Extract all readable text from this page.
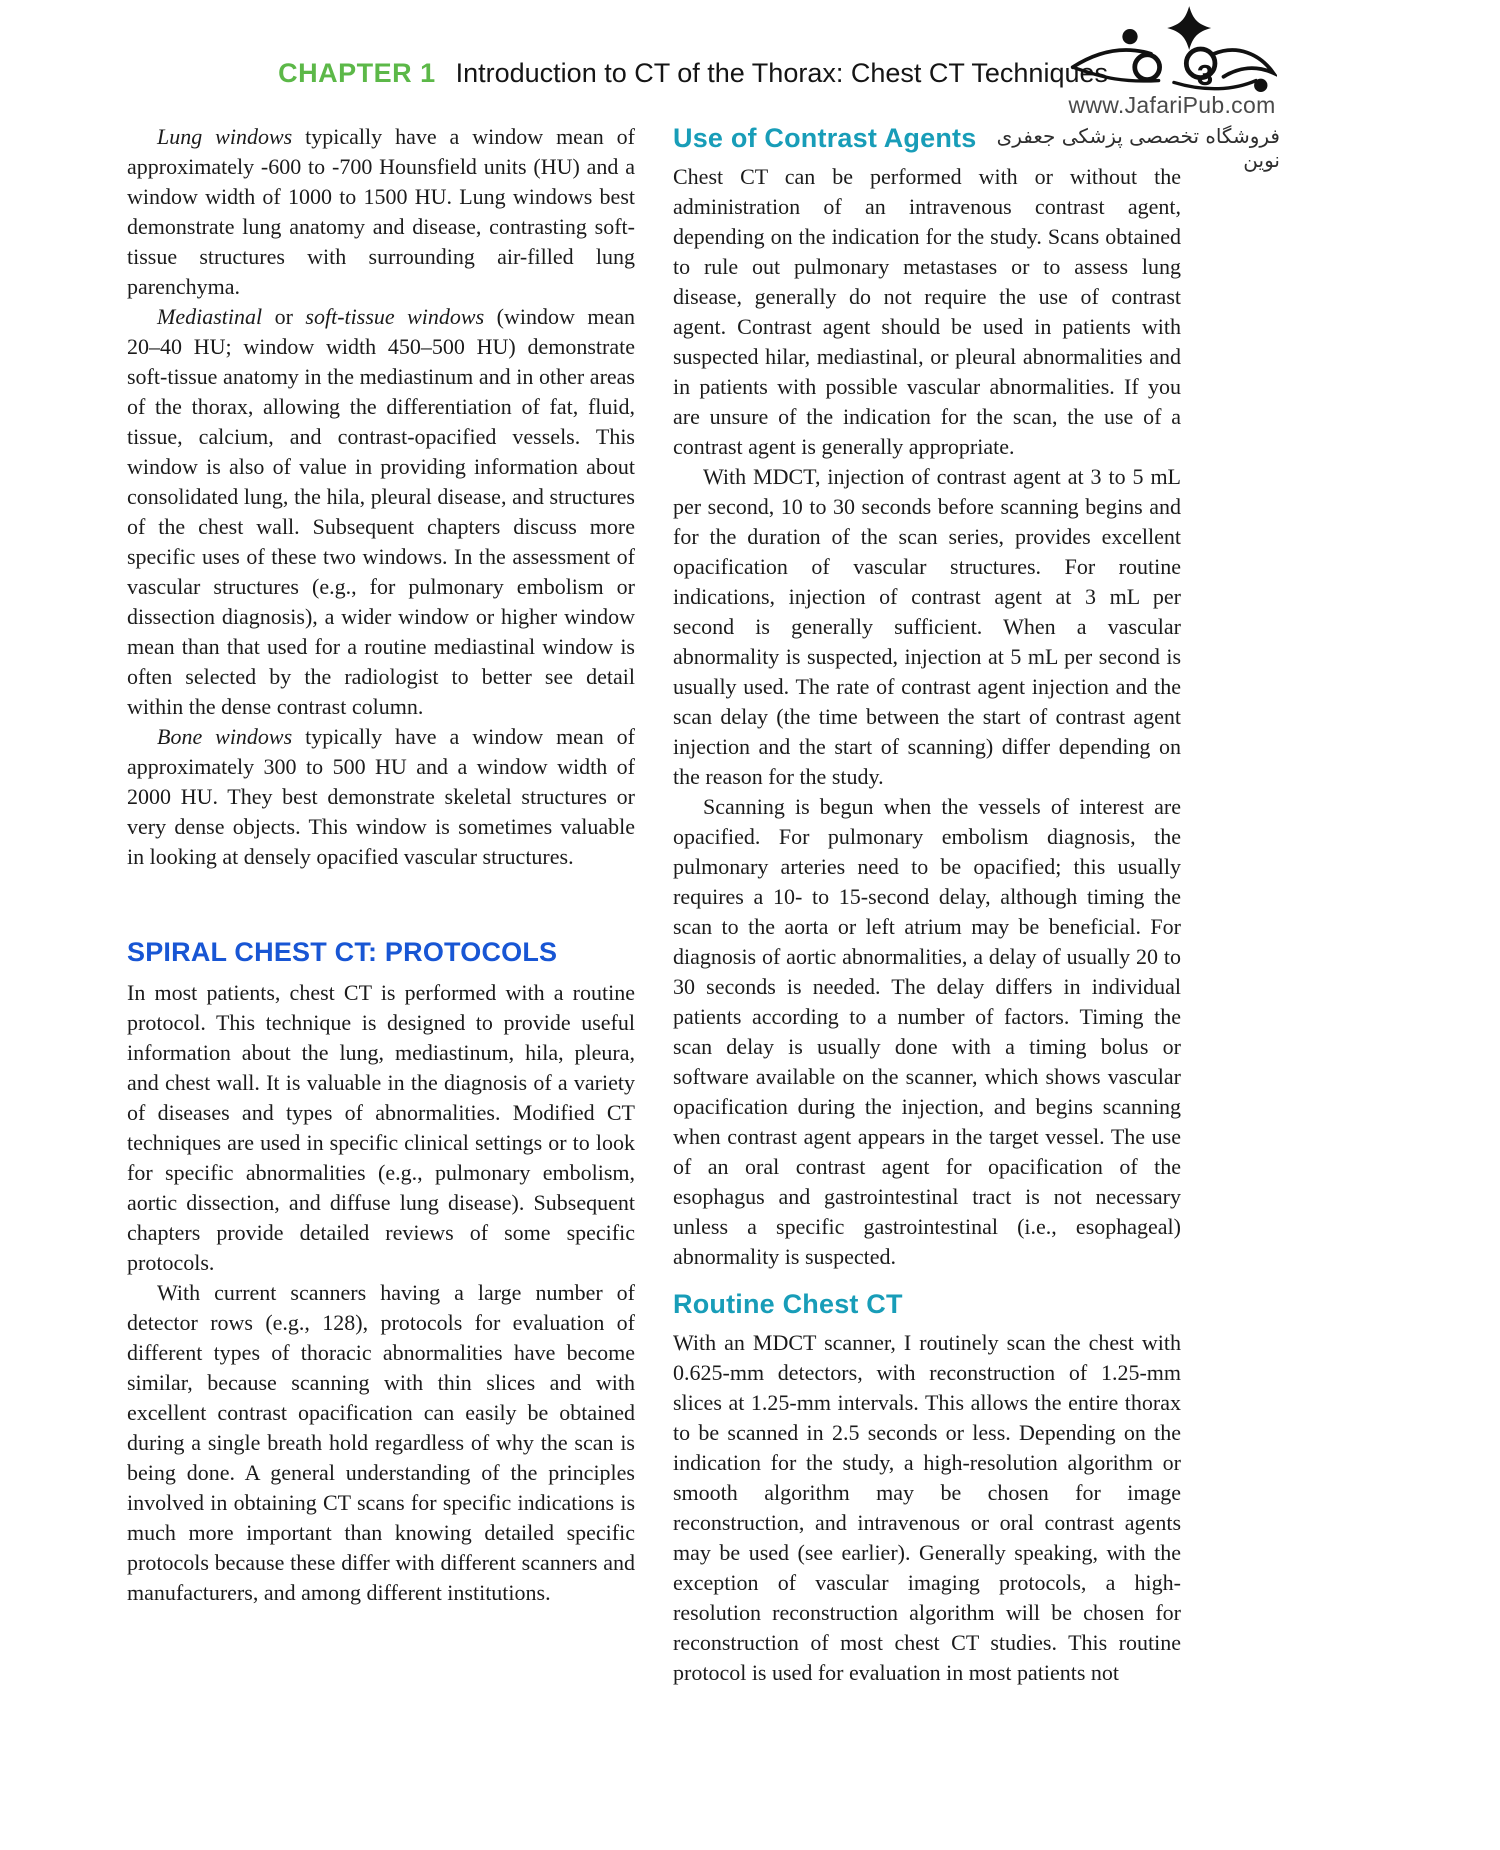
CHAPTER 1 Introduction to CT of the Thorax: Chest CT Techniques	3
www.JafariPub.com
فروشگاه تخصصی پزشکی جعفری نوین

Lung windows typically have a window mean of approximately -600 to -700 Hounsfield units (HU) and a window width of 1000 to 1500 HU. Lung windows best demonstrate lung anatomy and disease, contrasting soft-tissue structures with surrounding air-filled lung parenchyma.

Mediastinal or soft-tissue windows (window mean 20–40 HU; window width 450–500 HU) demonstrate soft-tissue anatomy in the mediastinum and in other areas of the thorax, allowing the differentiation of fat, fluid, tissue, calcium, and contrast-opacified vessels. This window is also of value in providing information about consolidated lung, the hila, pleural disease, and structures of the chest wall. Subsequent chapters discuss more specific uses of these two windows. In the assessment of vascular structures (e.g., for pulmonary embolism or dissection diagnosis), a wider window or higher window mean than that used for a routine mediastinal window is often selected by the radiologist to better see detail within the dense contrast column.

Bone windows typically have a window mean of approximately 300 to 500 HU and a window width of 2000 HU. They best demonstrate skeletal structures or very dense objects. This window is sometimes valuable in looking at densely opacified vascular structures.

SPIRAL CHEST CT: PROTOCOLS

In most patients, chest CT is performed with a routine protocol. This technique is designed to provide useful information about the lung, mediastinum, hila, pleura, and chest wall. It is valuable in the diagnosis of a variety of diseases and types of abnormalities. Modified CT techniques are used in specific clinical settings or to look for specific abnormalities (e.g., pulmonary embolism, aortic dissection, and diffuse lung disease). Subsequent chapters provide detailed reviews of some specific protocols.

With current scanners having a large number of detector rows (e.g., 128), protocols for evaluation of different types of thoracic abnormalities have become similar, because scanning with thin slices and with excellent contrast opacification can easily be obtained during a single breath hold regardless of why the scan is being done. A general understanding of the principles involved in obtaining CT scans for specific indications is much more important than knowing detailed specific protocols because these differ with different scanners and manufacturers, and among different institutions.

Use of Contrast Agents

Chest CT can be performed with or without the administration of an intravenous contrast agent, depending on the indication for the study. Scans obtained to rule out pulmonary metastases or to assess lung disease, generally do not require the use of contrast agent. Contrast agent should be used in patients with suspected hilar, mediastinal, or pleural abnormalities and in patients with possible vascular abnormalities. If you are unsure of the indication for the scan, the use of a contrast agent is generally appropriate.

With MDCT, injection of contrast agent at 3 to 5 mL per second, 10 to 30 seconds before scanning begins and for the duration of the scan series, provides excellent opacification of vascular structures. For routine indications, injection of contrast agent at 3 mL per second is generally sufficient. When a vascular abnormality is suspected, injection at 5 mL per second is usually used. The rate of contrast agent injection and the scan delay (the time between the start of contrast agent injection and the start of scanning) differ depending on the reason for the study.

Scanning is begun when the vessels of interest are opacified. For pulmonary embolism diagnosis, the pulmonary arteries need to be opacified; this usually requires a 10- to 15-second delay, although timing the scan to the aorta or left atrium may be beneficial. For diagnosis of aortic abnormalities, a delay of usually 20 to 30 seconds is needed. The delay differs in individual patients according to a number of factors. Timing the scan delay is usually done with a timing bolus or software available on the scanner, which shows vascular opacification during the injection, and begins scanning when contrast agent appears in the target vessel. The use of an oral contrast agent for opacification of the esophagus and gastrointestinal tract is not necessary unless a specific gastrointestinal (i.e., esophageal) abnormality is suspected.

Routine Chest CT

With an MDCT scanner, I routinely scan the chest with 0.625-mm detectors, with reconstruction of 1.25-mm slices at 1.25-mm intervals. This allows the entire thorax to be scanned in 2.5 seconds or less. Depending on the indication for the study, a high-resolution algorithm or smooth algorithm may be chosen for image reconstruction, and intravenous or oral contrast agents may be used (see earlier). Generally speaking, with the exception of vascular imaging protocols, a high-resolution reconstruction algorithm will be chosen for reconstruction of most chest CT studies. This routine protocol is used for evaluation in most patients not
